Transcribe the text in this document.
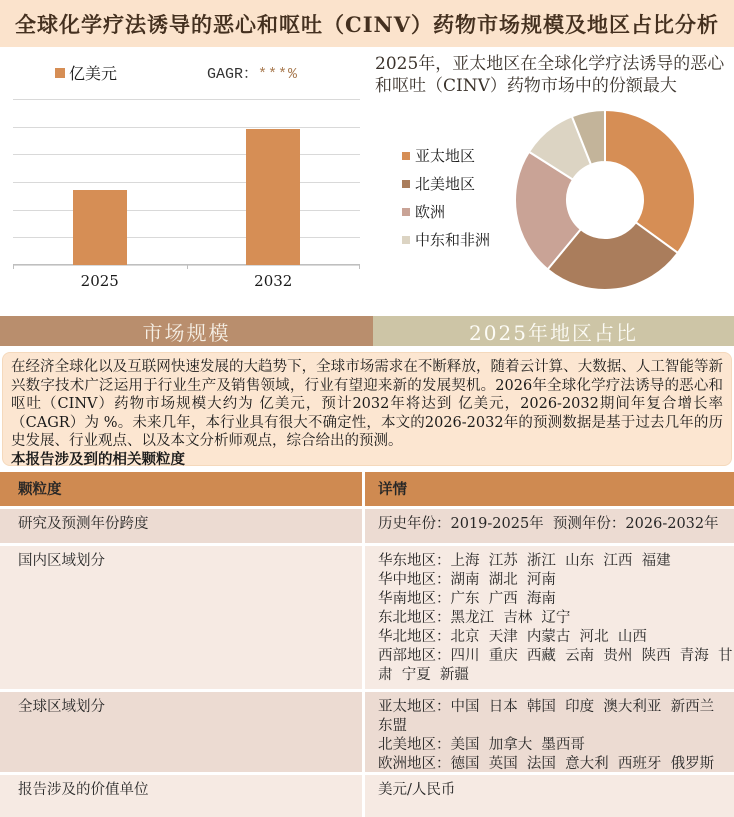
全球化学疗法诱导的恶心和呕吐（CINV）药物市场规模及地区占比分析
亿美元	GAGR：***%
2025	2032
2025年，亚太地区在全球化学疗法诱导的恶心和呕吐（CINV）药物市场中的份额最大
亚太地区
北美地区
欧洲
中东和非洲
市场规模	2025年地区占比

在经济全球化以及互联网快速发展的大趋势下，全球市场需求在不断释放，随着云计算、大数据、人工智能等新兴数字技术广泛运用于行业生产及销售领域，行业有望迎来新的发展契机。2026年全球化学疗法诱导的恶心和呕吐（CINV）药物市场规模大约为 亿美元，预计2032年将达到 亿美元，2026-2032期间年复合增长率（CAGR）为 %。未来几年，本行业具有很大不确定性，本文的2026-2032年的预测数据是基于过去几年的历史发展、行业观点、以及本文分析师观点，综合给出的预测。

本报告涉及到的相关颗粒度

颗粒度	详情
研究及预测年份跨度	历史年份：2019-2025年  预测年份：2026-2032年
国内区域划分	华东地区：上海  江苏  浙江  山东  江西  福建
华中地区：湖南  湖北  河南
华南地区：广东  广西  海南
东北地区：黑龙江  吉林  辽宁
华北地区：北京  天津  内蒙古  河北  山西
西部地区：四川  重庆  西藏  云南  贵州  陕西  青海  甘肃  宁夏  新疆
全球区域划分	亚太地区：中国  日本  韩国  印度  澳大利亚  新西兰  东盟
北美地区：美国  加拿大  墨西哥
欧洲地区：德国  英国  法国  意大利  西班牙  俄罗斯
报告涉及的价值单位	美元/人民币
